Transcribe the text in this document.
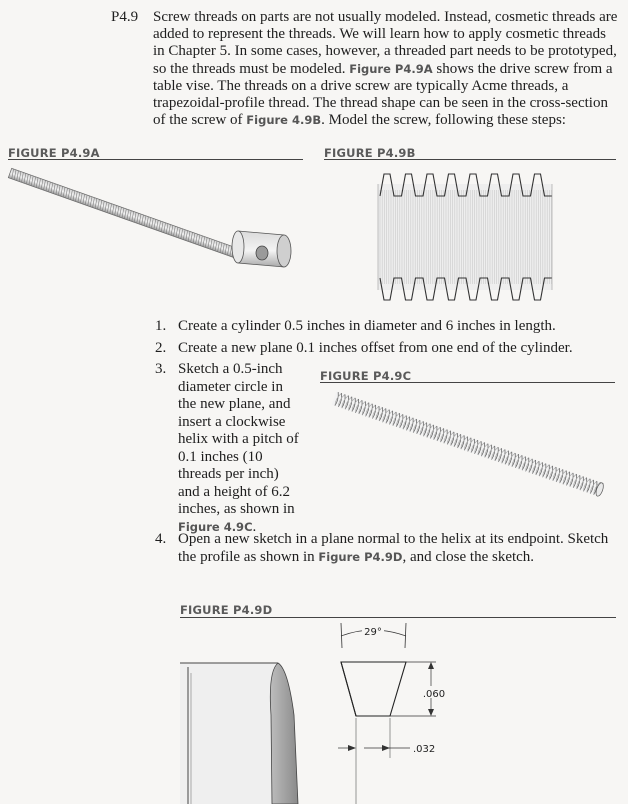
P4.9 Screw threads on parts are not usually modeled. Instead, cosmetic threads are
added to represent the threads. We will learn how to apply cosmetic threads
in Chapter 5. In some cases, however, a threaded part needs to be prototyped,
so the threads must be modeled. Figure P4.9A shows the drive screw from a
table vise. The threads on a drive screw are typically Acme threads, a
trapezoidal-profile thread. The thread shape can be seen in the cross-section
of the screw of Figure 4.9B. Model the screw, following these steps:
FIGURE P4.9A	FIGURE P4.9B
1. Create a cylinder 0.5 inches in diameter and 6 inches in length.
2. Create a new plane 0.1 inches offset from one end of the cylinder.
3. Sketch a 0.5-inch
diameter circle in
the new plane, and
insert a clockwise
helix with a pitch of
0.1 inches (10
threads per inch)
and a height of 6.2
inches, as shown in
Figure 4.9C.
FIGURE P4.9C
4. Open a new sketch in a plane normal to the helix at its endpoint. Sketch
the profile as shown in Figure P4.9D, and close the sketch.
FIGURE P4.9D
29°
.060
.032
